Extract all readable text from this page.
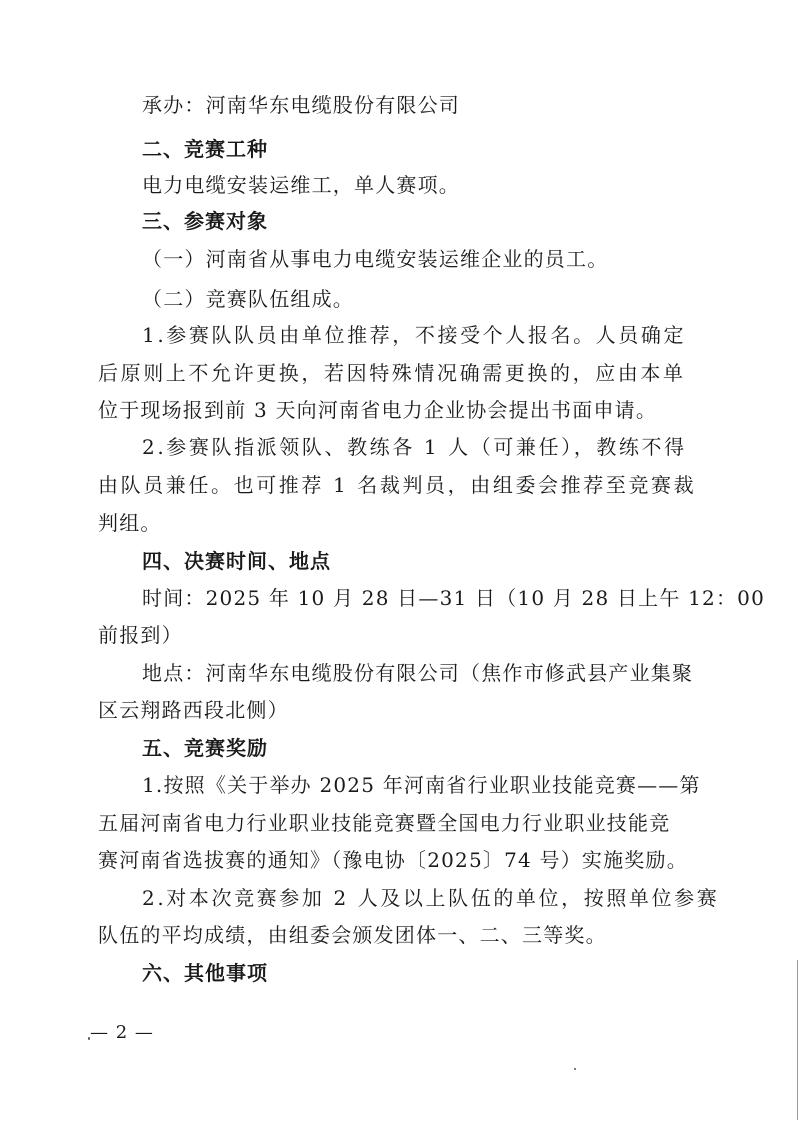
承办：河南华东电缆股份有限公司
二、竞赛工种
电力电缆安装运维工，单人赛项。
三、参赛对象
（一）河南省从事电力电缆安装运维企业的员工。
（二）竞赛队伍组成。
1.参赛队队员由单位推荐，不接受个人报名。人员确定
后原则上不允许更换，若因特殊情况确需更换的，应由本单
位于现场报到前 3 天向河南省电力企业协会提出书面申请。
2.参赛队指派领队、教练各 1 人（可兼任），教练不得
由队员兼任。也可推荐 1 名裁判员，由组委会推荐至竞赛裁
判组。
四、决赛时间、地点
时间：2025 年 10 月 28 日—31 日（10 月 28 日上午 12：00
前报到）
地点：河南华东电缆股份有限公司（焦作市修武县产业集聚
区云翔路西段北侧）
五、竞赛奖励
1.按照《关于举办 2025 年河南省行业职业技能竞赛——第
五届河南省电力行业职业技能竞赛暨全国电力行业职业技能竞
赛河南省选拔赛的通知》（豫电协〔2025〕74 号）实施奖励。
2.对本次竞赛参加 2 人及以上队伍的单位，按照单位参赛
队伍的平均成绩，由组委会颁发团体一、二、三等奖。
六、其他事项
— 2 —
